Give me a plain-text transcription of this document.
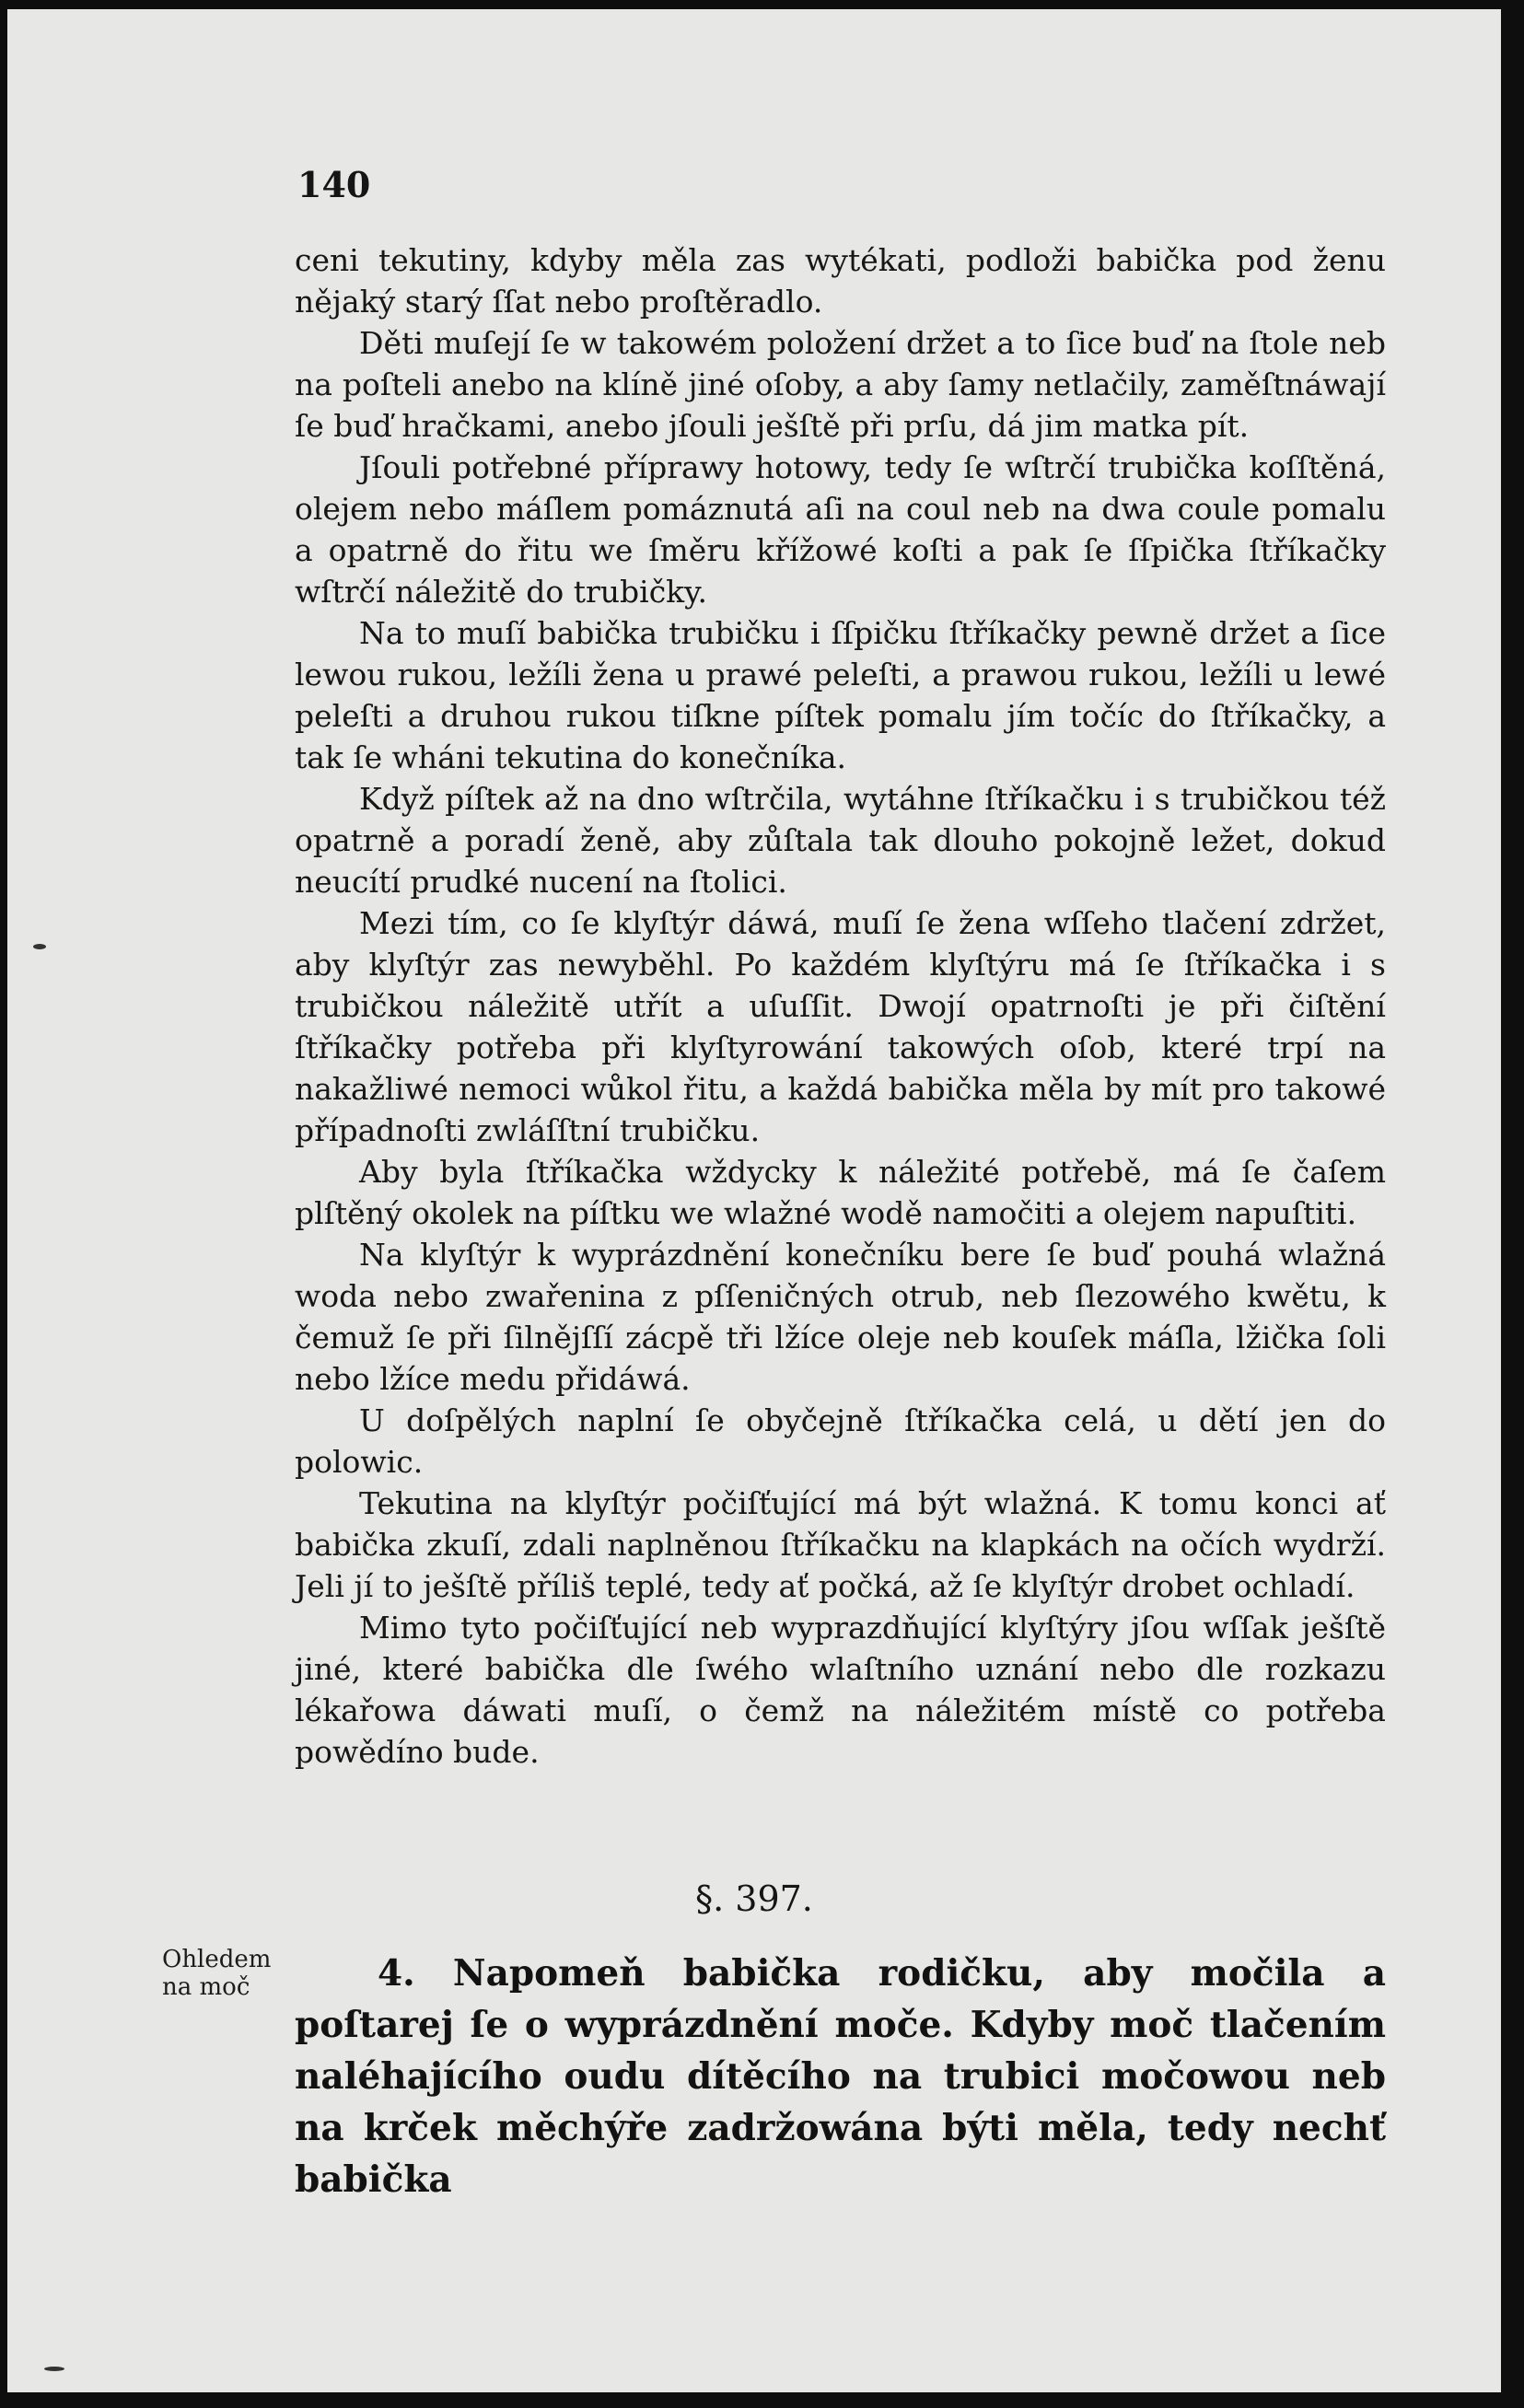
140

ceni tekutiny, kdyby měla zas wytékati, podloži babička pod ženu nějaký starý ſſat nebo proſtěradlo.

Děti muſejí ſe w takowém položení držet a to ſice buď na ſtole neb na poſteli anebo na klíně jiné oſoby, a aby ſamy netlačily, zaměſtnáwají ſe buď hračkami, anebo jſouli ješſtě při prſu, dá jim matka pít.

Jſouli potřebné přípra​wy hotowy, tedy ſe wſtrčí trubička koſſtěná, olejem nebo máſlem pomáznutá aſi na coul neb na dwa coule pomalu a opatrně do řitu we ſměru křížowé koſti a pak ſe ſſpička ſtříkačky wſtrčí náležitě do trubičky.

Na to muſí babička trubičku i ſſpičku ſtříkačky pewně držet a ſice lewou rukou, ležíli žena u prawé peleſti, a prawou rukou, ležíli u lewé peleſti a druhou rukou tiſkne píſtek pomalu jím točíc do ſtříkačky, a tak ſe wháni tekutina do konečníka.

Když píſtek až na dno wſtrčila, wytáhne ſtříkačku i s trubičkou též opatrně a poradí ženě, aby zůſtala tak dlouho pokojně ležet, dokud neucítí prudké nucení na ſtolici.

Mezi tím, co ſe klyſtýr dáwá, muſí ſe žena wſſeho tlačení zdržet, aby klyſtýr zas newyběhl. Po každém klyſtýru má ſe ſtříkačka i s trubičkou náležitě utřít a uſuſſit. Dwojí opatrnoſti je při čiſtění ſtříkačky potřeba při klyſtyrowání takowých oſob, které trpí na nakažliwé nemoci wůkol řitu, a každá babička měla by mít pro takowé případnoſti zwláſſtní trubičku.

Aby byla ſtříkačka wždycky k náležité potřebě, má ſe čaſem plſtěný okolek na píſtku we wlažné wodě namočiti a olejem napuſtiti.

Na klyſtýr k wyprázdnění konečníku bere ſe buď pouhá wlažná woda nebo zwařenina z pſſeničných otrub, neb ſlezowého kwětu, k čemuž ſe při ſilnějſſí zácpě tři lžíce oleje neb kouſek máſla, lžička ſoli nebo lžíce medu přidáwá.

U doſpělých naplní ſe obyčejně ſtříkačka celá, u dětí jen do polowic.

Tekutina na klyſtýr počiſťující má být wlažná. K tomu konci ať babička zkuſí, zdali naplněnou ſtříkačku na klapkách na očích wydrží. Jeli jí to ješſtě příliš teplé, tedy ať počká, až ſe klyſtýr drobet ochladí.

Mimo tyto počiſťující neb wyprazdňující klyſtýry jſou wſſak ješſtě jiné, které babička dle ſwého wlaſtního uznání nebo dle rozkazu lékařowa dáwati muſí, o čemž na náležitém místě co potřeba powědíno bude.

§. 397.
Ohledem na moč	4. Napomeň babička rodičku, aby močila a poſtarej ſe o wyprázdnění moče. Kdyby moč tlačením naléhajícího oudu dítěcího na trubici močowou neb na krček měchýře zadržowána býti měla, tedy nechť babička
